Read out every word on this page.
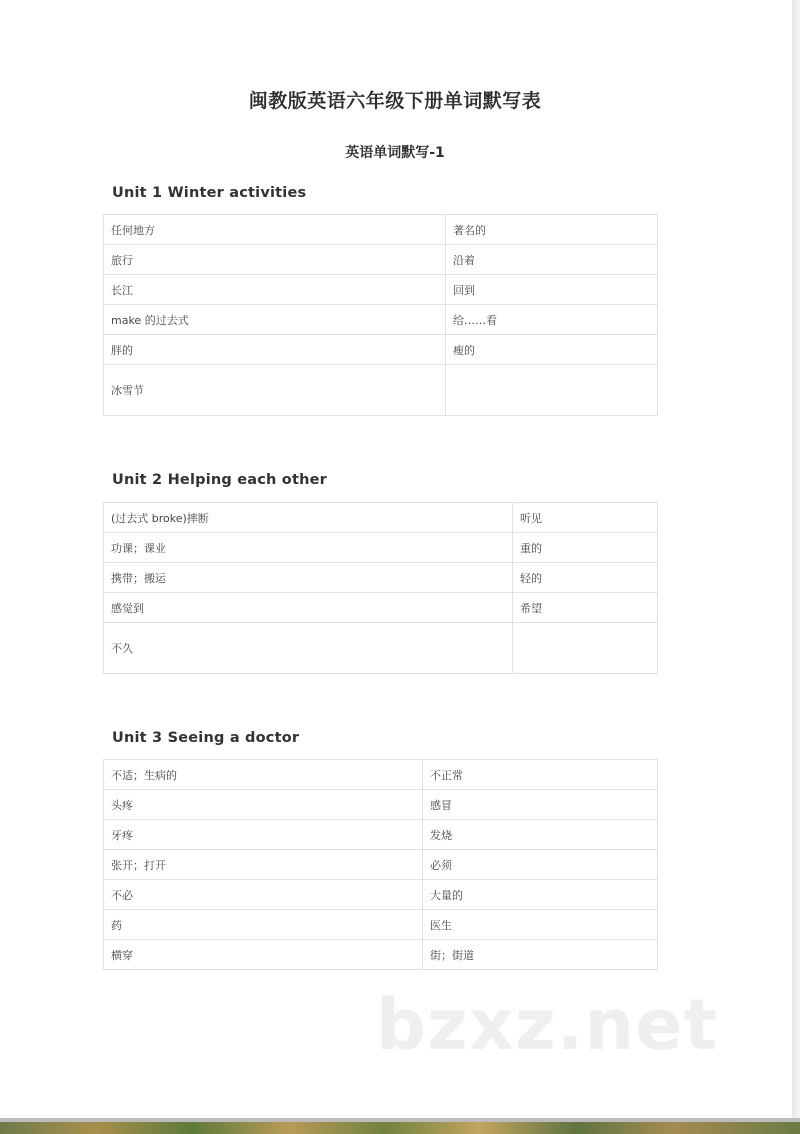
闽教版英语六年级下册单词默写表
英语单词默写-1
Unit 1 Winter activities
任何地方	著名的
旅行	沿着
长江	回到
make 的过去式	给……看
胖的	瘦的
冰雪节	
Unit 2 Helping each other
(过去式 broke)摔断	听见
功课；课业	重的
携带；搬运	轻的
感觉到	希望
不久	
Unit 3 Seeing a doctor
不适；生病的	不正常
头疼	感冒
牙疼	发烧
张开；打开	必须
不必	大量的
药	医生
横穿	街；街道
bzxz.net
